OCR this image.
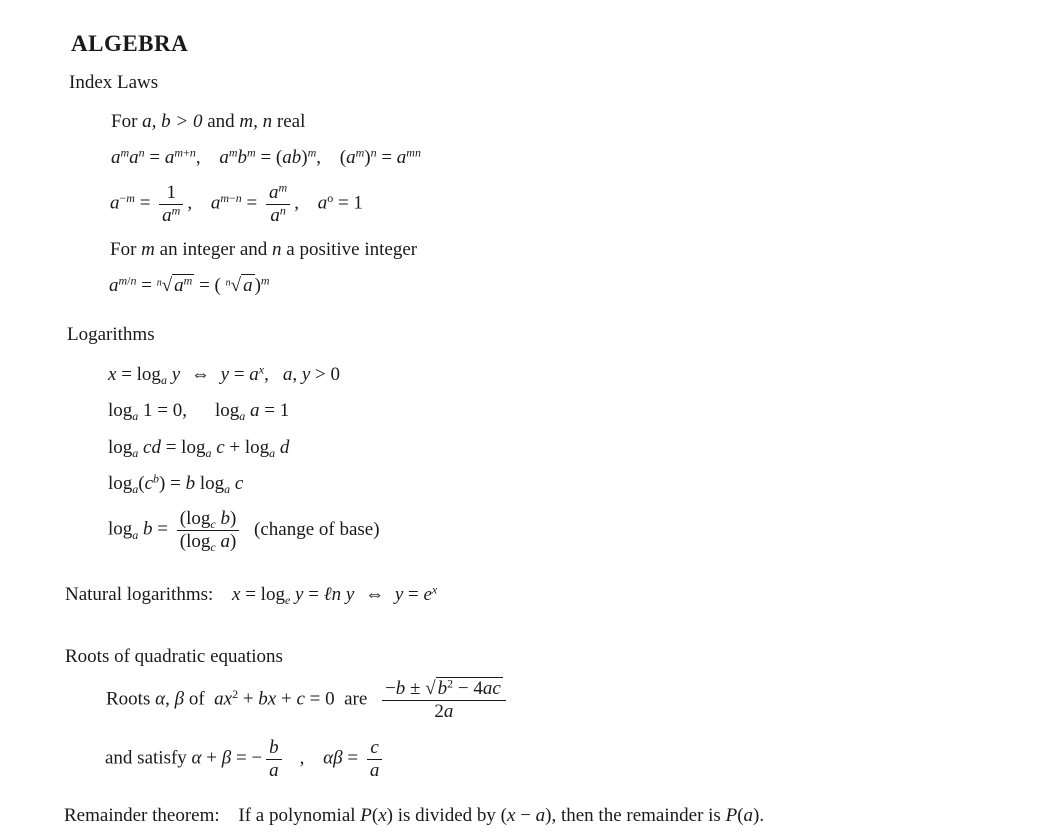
ALGEBRA
Index Laws
For a, b > 0 and m, n real
$a^ma^n = a^{m+n}$, $a^mb^m = (ab)^m$, $(a^m)^n = a^{mn}$
$a^{-m} = \frac{1}{a^m}$ , $a^{m-n} = \frac{a^m}{a^n}$ , $a^o = 1$
For m an integer and n a positive integer
$a^{m/n} = ^n√$ $a^m$ = ( $^n$√ a )$^m$
Logarithms
$x = \log_a y$ ⇔ $y = a^x$, a, y > 0
$\log_a 1 = 0$, $\log_a a = 1$
$\log_a$ cd = $\log_a c + \log_a d$
$\log_a(c^b) = b$ $\log_a c$
$\log_a b = \frac{(\log_c b)}{(\log_c a)}$ (change of base)
Natural logarithms: $x = \log_e y$ = ℓn y ⇔ $y = e^x$
Roots of quadratic equations
Roots α, β of $ax^2$ + bx + c = 0  are $\frac{-b \pm √ b^2 - 4ac}{2a}$
and satisfy α + β = − $\frac{b}{a}$ , $\alpha\beta = \frac{c}{a}$
Remainder theorem: If a polynomial P(x) is divided by (x − a), then the remainder is P(a).
